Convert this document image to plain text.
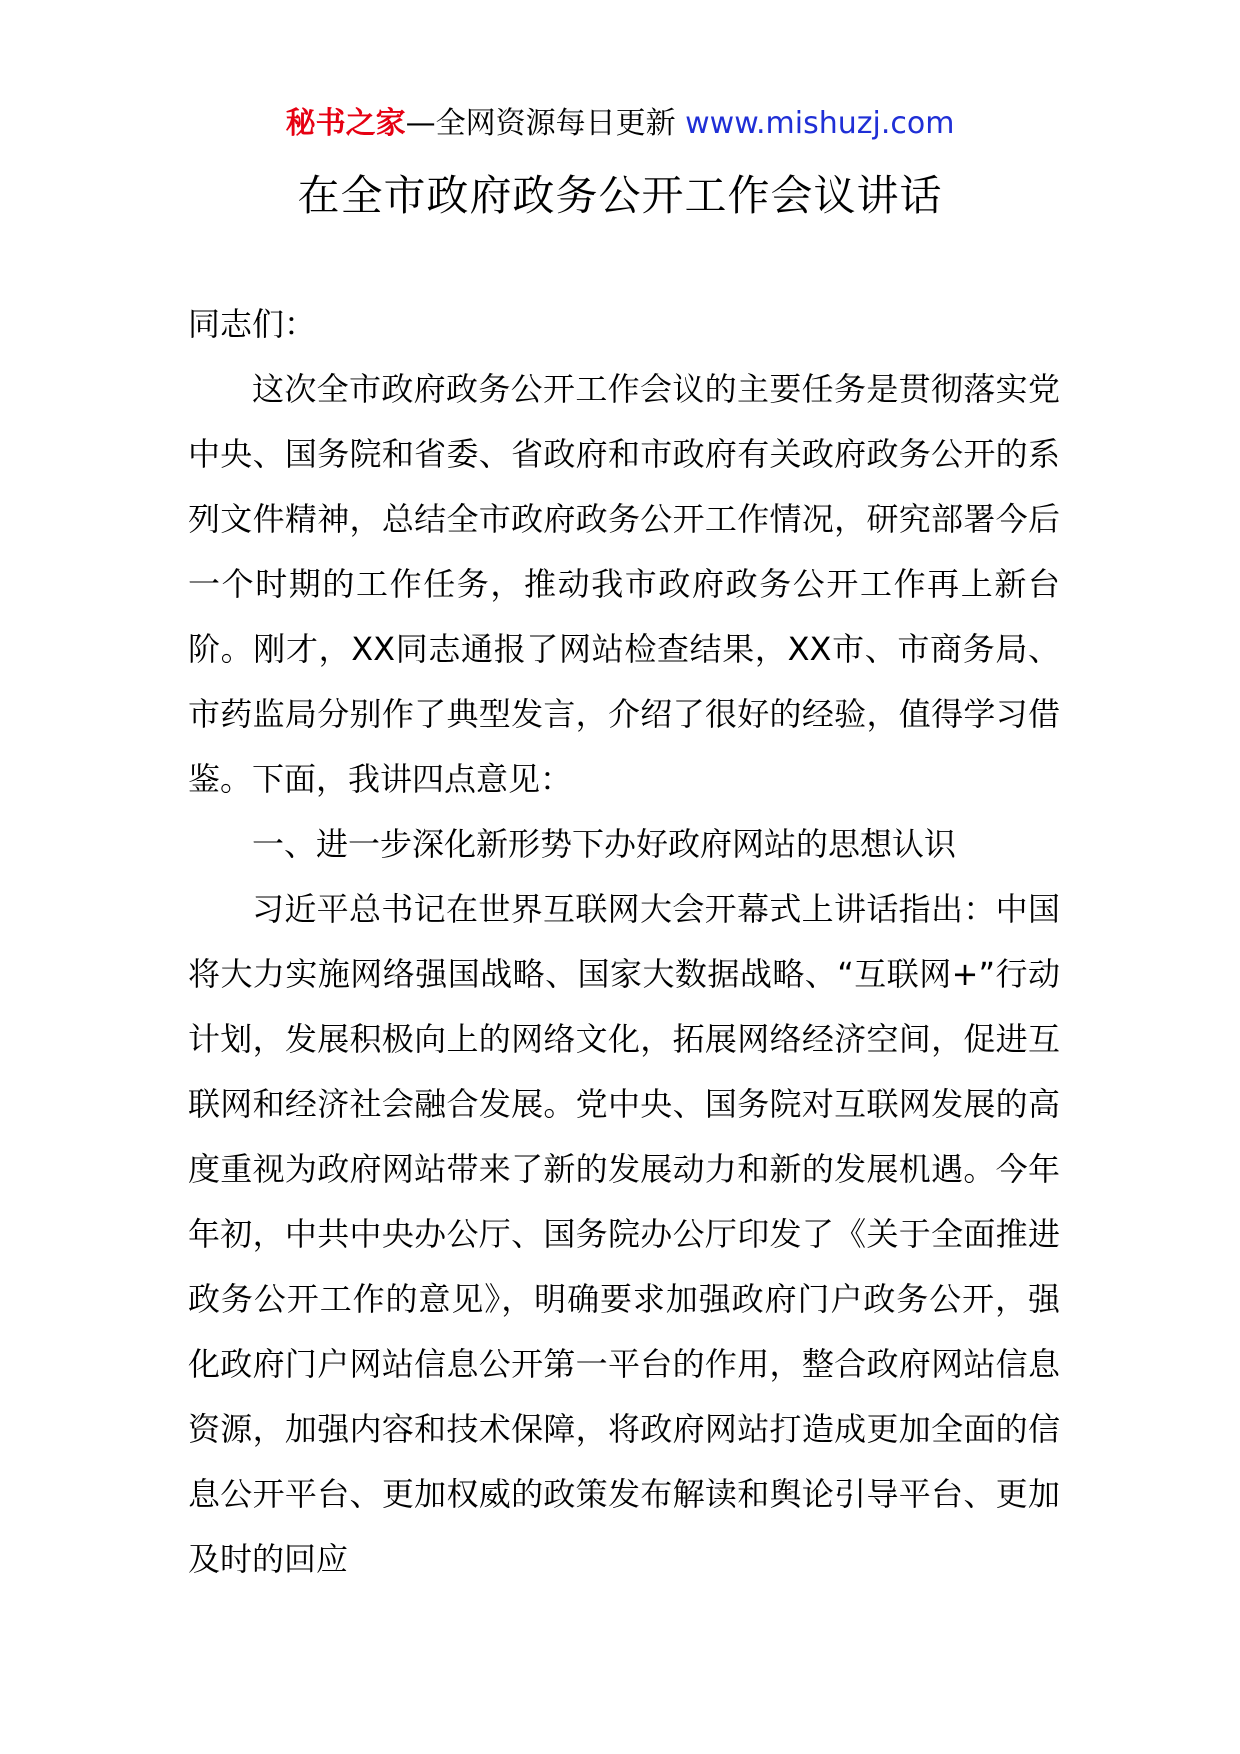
秘书之家—全网资源每日更新 www.mishuzj.com
在全市政府政务公开工作会议讲话

同志们：

这次全市政府政务公开工作会议的主要任务是贯彻落实党中央、国务院和省委、省政府和市政府有关政府政务公开的系列文件精神，总结全市政府政务公开工作情况，研究部署今后一个时期的工作任务，推动我市政府政务公开工作再上新台阶。刚才，XX同志通报了网站检查结果，XX市、市商务局、市药监局分别作了典型发言，介绍了很好的经验，值得学习借鉴。下面，我讲四点意见：

一、进一步深化新形势下办好政府网站的思想认识

习近平总书记在世界互联网大会开幕式上讲话指出：中国将大力实施网络强国战略、国家大数据战略、“互联网+”行动计划，发展积极向上的网络文化，拓展网络经济空间，促进互联网和经济社会融合发展。党中央、国务院对互联网发展的高度重视为政府网站带来了新的发展动力和新的发展机遇。今年年初，中共中央办公厅、国务院办公厅印发了《关于全面推进政务公开工作的意见》，明确要求加强政府门户政务公开，强化政府门户网站信息公开第一平台的作用，整合政府网站信息资源，加强内容和技术保障，将政府网站打造成更加全面的信息公开平台、更加权威的政策发布解读和舆论引导平台、更加及时的回应
